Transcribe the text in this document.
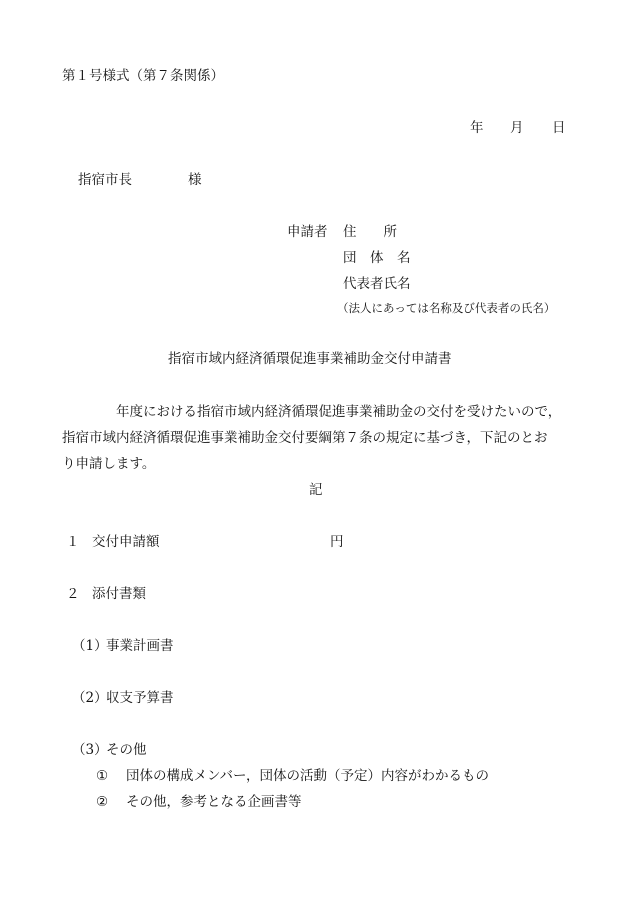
第１号様式（第７条関係）
年 月 日
指宿市長	様
申請者 住　　所
団　体　名
代表者氏名
（法人にあっては名称及び代表者の氏名）
指宿市域内経済循環促進事業補助金交付申請書
年度における指宿市域内経済循環促進事業補助金の交付を受けたいので，
指宿市域内経済循環促進事業補助金交付要綱第７条の規定に基づき，下記のとお
り申請します。
記
１ 交付申請額	円
２ 添付書類
（1）
事業計画書
（2）
収支予算書
（3）
その他
① 団体の構成メンバー，団体の活動（予定）内容がわかるもの
② その他，参考となる企画書等
